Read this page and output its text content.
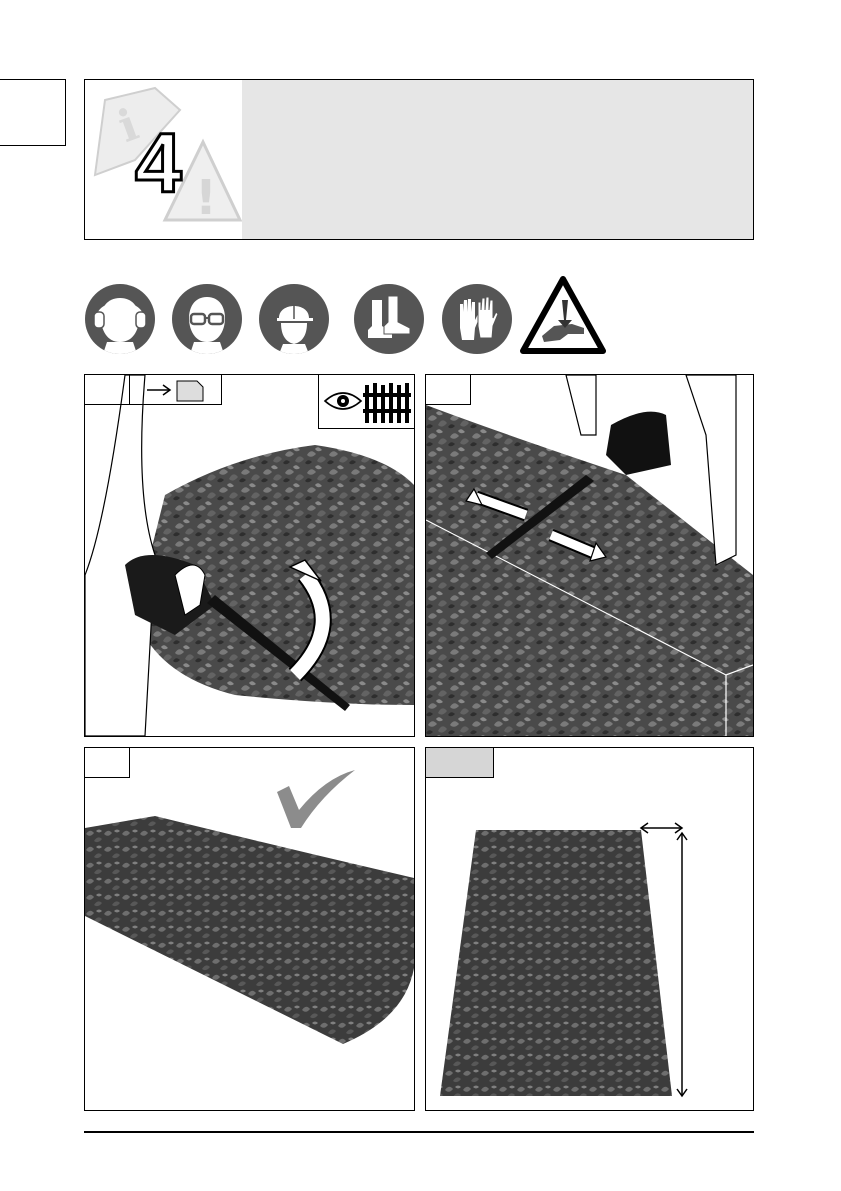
i
!
4
